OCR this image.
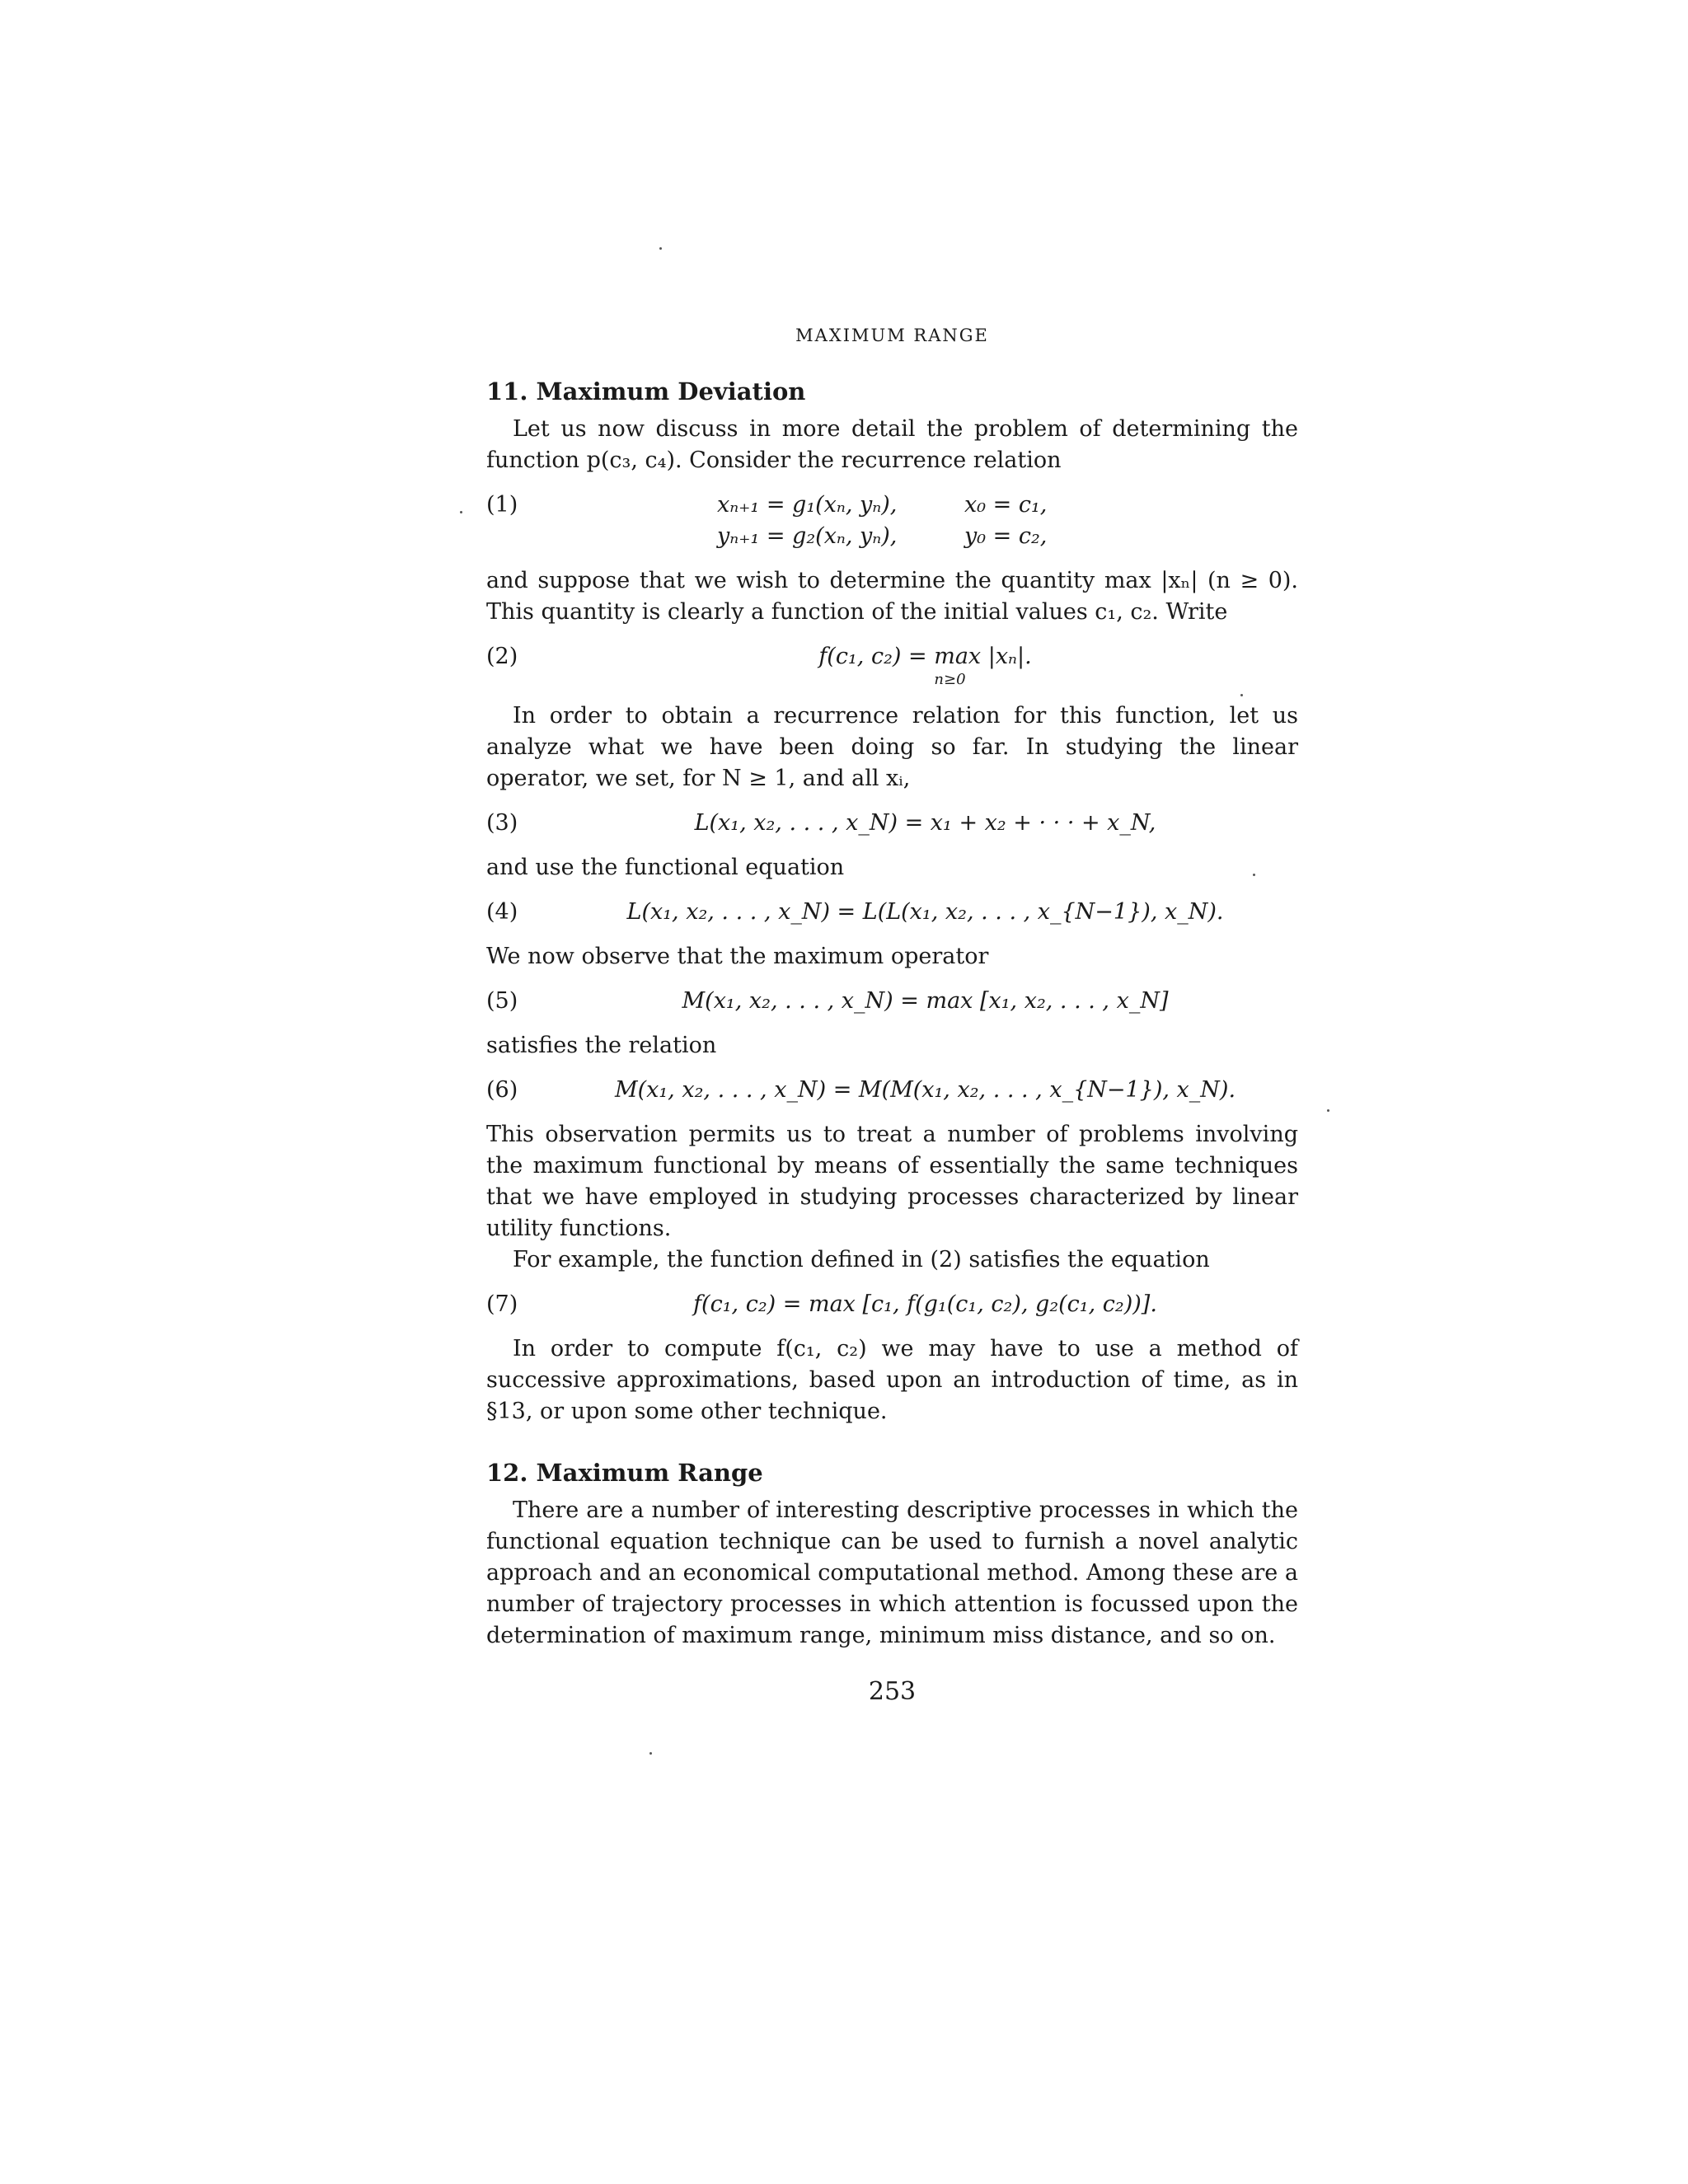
MAXIMUM RANGE
11. Maximum Deviation

Let us now discuss in more detail the problem of determining the function p(c₃, c₄). Consider the recurrence relation

(1)	xₙ₊₁ = g₁(xₙ, yₙ),	x₀ = c₁,
yₙ₊₁ = g₂(xₙ, yₙ),	y₀ = c₂,

and suppose that we wish to determine the quantity max |xₙ| (n ≥ 0). This quantity is clearly a function of the initial values c₁, c₂. Write

(2)	f(c₁, c₂) = max |xₙ|.
n≥0

In order to obtain a recurrence relation for this function, let us analyze what we have been doing so far. In studying the linear operator, we set, for N ≥ 1, and all xᵢ,

(3)	L(x₁, x₂, . . . , x_N) = x₁ + x₂ + · · · + x_N,

and use the functional equation

(4)	L(x₁, x₂, . . . , x_N) = L(L(x₁, x₂, . . . , x_{N−1}), x_N).

We now observe that the maximum operator

(5)	M(x₁, x₂, . . . , x_N) = max [x₁, x₂, . . . , x_N]

satisfies the relation

(6)	M(x₁, x₂, . . . , x_N) = M(M(x₁, x₂, . . . , x_{N−1}), x_N).

This observation permits us to treat a number of problems involving the maximum functional by means of essentially the same techniques that we have employed in studying processes characterized by linear utility functions.

For example, the function defined in (2) satisfies the equation

(7)	f(c₁, c₂) = max [c₁, f(g₁(c₁, c₂), g₂(c₁, c₂))].

In order to compute f(c₁, c₂) we may have to use a method of successive approximations, based upon an introduction of time, as in §13, or upon some other technique.

12. Maximum Range

There are a number of interesting descriptive processes in which the functional equation technique can be used to furnish a novel analytic approach and an economical computational method. Among these are a number of trajectory processes in which attention is focussed upon the determination of maximum range, minimum miss distance, and so on.

253
